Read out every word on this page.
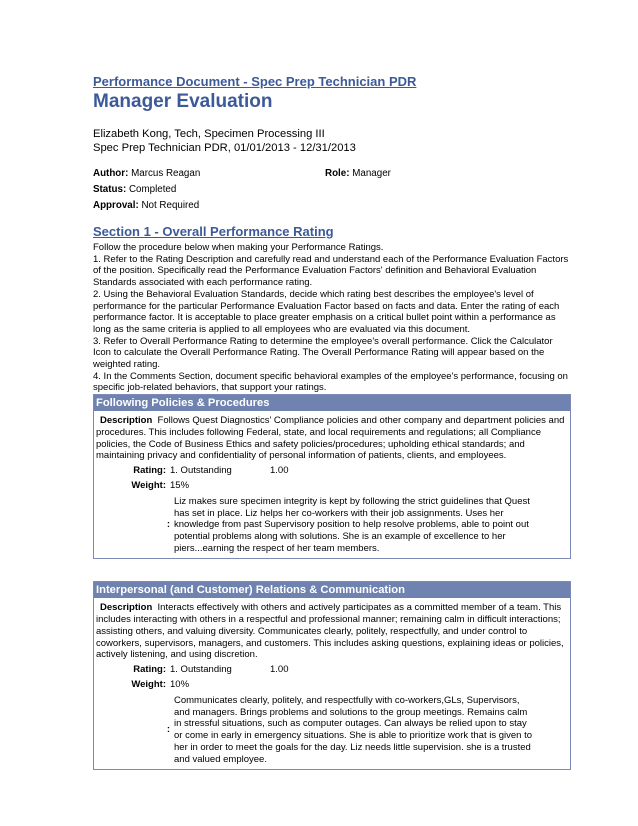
Performance Document - Spec Prep Technician PDR
Manager Evaluation
Elizabeth Kong, Tech, Specimen Processing III
Spec Prep Technician PDR, 01/01/2013 - 12/31/2013
Author: Marcus Reagan	Role: Manager
Status: Completed
Approval: Not Required
Section 1 - Overall Performance Rating
Follow the procedure below when making your Performance Ratings.
1. Refer to the Rating Description and carefully read and understand each of the Performance Evaluation Factors of the position. Specifically read the Performance Evaluation Factors' definition and Behavioral Evaluation Standards associated with each performance rating.
2. Using the Behavioral Evaluation Standards, decide which rating best describes the employee's level of performance for the particular Performance Evaluation Factor based on facts and data. Enter the rating of each performance factor. It is acceptable to place greater emphasis on a critical bullet point within a performance as long as the same criteria is applied to all employees who are evaluated via this document.
3. Refer to Overall Performance Rating to determine the employee's overall performance. Click the Calculator Icon to calculate the Overall Performance Rating. The Overall Performance Rating will appear based on the weighted rating.
4. In the Comments Section, document specific behavioral examples of the employee's performance, focusing on specific job-related behaviors, that support your ratings.
Following Policies & Procedures
Description Follows Quest Diagnostics' Compliance policies and other company and department policies and procedures. This includes following Federal, state, and local requirements and regulations; all Compliance policies, the Code of Business Ethics and safety policies/procedures; upholding ethical standards; and maintaining privacy and confidentiality of personal information of patients, clients, and employees.
Rating: 1. Outstanding	1.00
Weight: 15%
:
Liz makes sure specimen integrity is kept by following the strict guidelines that Quest has set in place. Liz helps her co-workers with their job assignments. Uses her knowledge from past Supervisory position to help resolve problems, able to point out potential problems along with solutions. She is an example of excellence to her piers...earning the respect of her team members.
Interpersonal (and Customer) Relations & Communication
Description Interacts effectively with others and actively participates as a committed member of a team. This includes interacting with others in a respectful and professional manner; remaining calm in difficult interactions; assisting others, and valuing diversity. Communicates clearly, politely, respectfully, and under control to coworkers, supervisors, managers, and customers. This includes asking questions, explaining ideas or policies, actively listening, and using discretion.
Rating: 1. Outstanding	1.00
Weight: 10%
:
Communicates clearly, politely, and respectfully with co-workers,GLs, Supervisors, and managers. Brings problems and solutions to the group meetings. Remains calm in stressful situations, such as computer outages. Can always be relied upon to stay or come in early in emergency situations. She is able to prioritize work that is given to her in order to meet the goals for the day. Liz needs little supervision. she is a trusted and valued employee.
